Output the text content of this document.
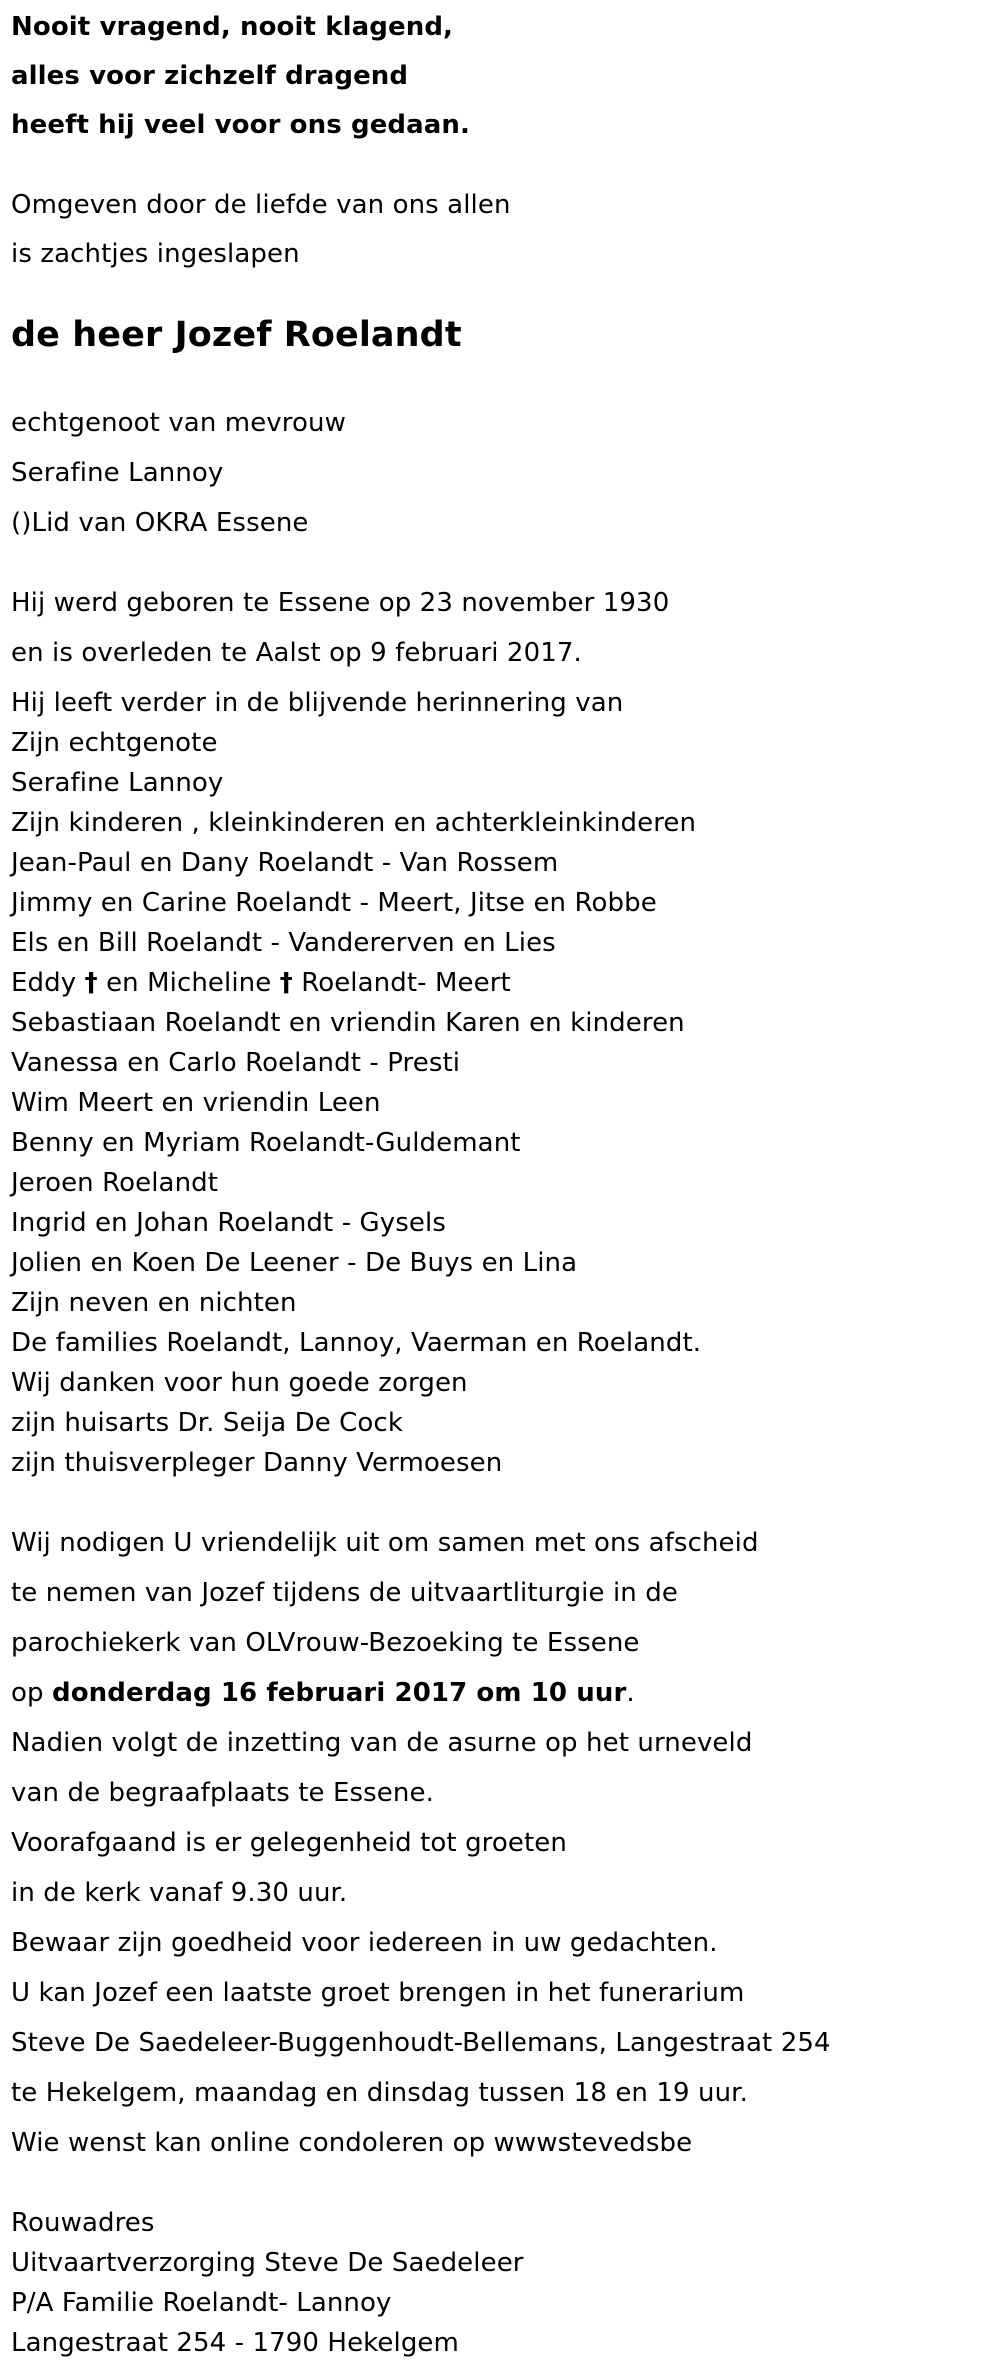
Nooit vragend, nooit klagend,
alles voor zichzelf dragend
heeft hij veel voor ons gedaan.
Omgeven door de liefde van ons allen
is zachtjes ingeslapen
de heer Jozef Roelandt
echtgenoot van mevrouw
Serafine Lannoy
()Lid van OKRA Essene
Hij werd geboren te Essene op 23 november 1930
en is overleden te Aalst op 9 februari 2017.
Hij leeft verder in de blijvende herinnering van
Zijn echtgenote
Serafine Lannoy
Zijn kinderen , kleinkinderen en achterkleinkinderen
Jean-Paul en Dany Roelandt - Van Rossem
Jimmy en Carine Roelandt - Meert, Jitse en Robbe
Els en Bill Roelandt - Vandererven en Lies
Eddy † en Micheline † Roelandt- Meert
Sebastiaan Roelandt en vriendin Karen en kinderen
Vanessa en Carlo Roelandt - Presti
Wim Meert en vriendin Leen
Benny en Myriam Roelandt-Guldemant
Jeroen Roelandt
Ingrid en Johan Roelandt - Gysels
Jolien en Koen De Leener - De Buys en Lina
Zijn neven en nichten
De families Roelandt, Lannoy, Vaerman en Roelandt.
Wij danken voor hun goede zorgen
zijn huisarts Dr. Seija De Cock
zijn thuisverpleger Danny Vermoesen
Wij nodigen U vriendelijk uit om samen met ons afscheid
te nemen van Jozef tijdens de uitvaartliturgie in de
parochiekerk van OLVrouw-Bezoeking te Essene
op donderdag 16 februari 2017 om 10 uur.
Nadien volgt de inzetting van de asurne op het urneveld
van de begraafplaats te Essene.
Voorafgaand is er gelegenheid tot groeten
in de kerk vanaf 9.30 uur.
Bewaar zijn goedheid voor iedereen in uw gedachten.
U kan Jozef een laatste groet brengen in het funerarium
Steve De Saedeleer-Buggenhoudt-Bellemans, Langestraat 254
te Hekelgem, maandag en dinsdag tussen 18 en 19 uur.
Wie wenst kan online condoleren op wwwstevedsbe
Rouwadres
Uitvaartverzorging Steve De Saedeleer
P/A Familie Roelandt- Lannoy
Langestraat 254 - 1790 Hekelgem
